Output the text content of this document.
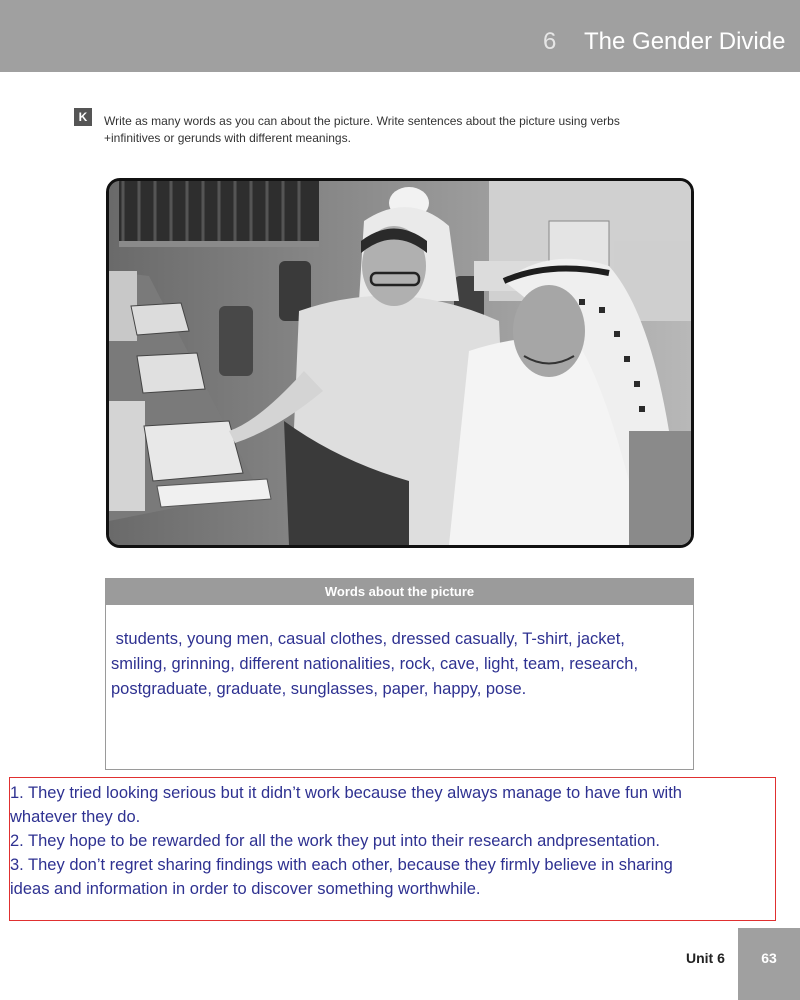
6 The Gender Divide
K	Write as many words as you can about the picture. Write sentences about the picture using verbs
+infinitives or gerunds with different meanings.
Words about the picture
students, young men, casual clothes, dressed casually, T-shirt, jacket,
smiling, grinning, different nationalities, rock, cave, light, team, research,
postgraduate, graduate, sunglasses, paper, happy, pose.
1. They tried looking serious but it didn’t work because they always manage to have fun with
whatever they do.
2. They hope to be rewarded for all the work they put into their research andpresentation.
3. They don’t regret sharing findings with each other, because they firmly believe in sharing
ideas and information in order to discover something worthwhile.
Unit 6	63
